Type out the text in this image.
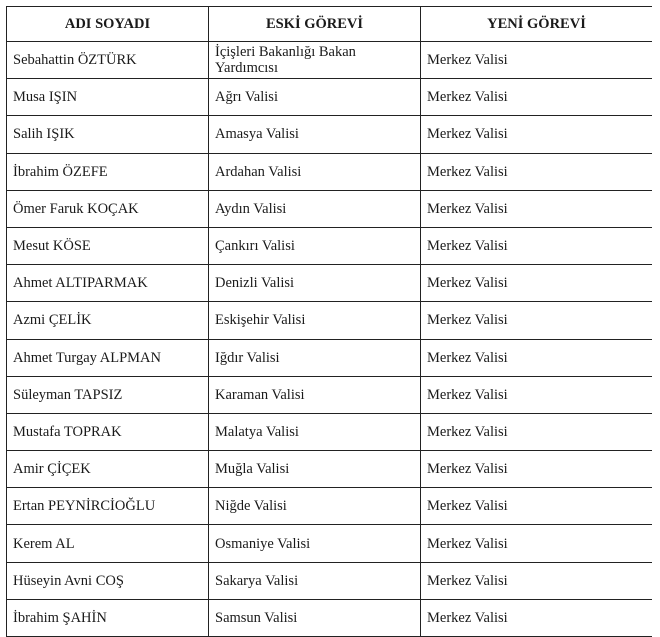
ADI SOYADI	ESKİ GÖREVİ	YENİ GÖREVİ
Sebahattin ÖZTÜRK	İçişleri Bakanlığı Bakan Yardımcısı	Merkez Valisi
Musa IŞIN	Ağrı Valisi	Merkez Valisi
Salih IŞIK	Amasya Valisi	Merkez Valisi
İbrahim ÖZEFE	Ardahan Valisi	Merkez Valisi
Ömer Faruk KOÇAK	Aydın Valisi	Merkez Valisi
Mesut KÖSE	Çankırı Valisi	Merkez Valisi
Ahmet ALTIPARMAK	Denizli Valisi	Merkez Valisi
Azmi ÇELİK	Eskişehir Valisi	Merkez Valisi
Ahmet Turgay ALPMAN	Iğdır Valisi	Merkez Valisi
Süleyman TAPSIZ	Karaman Valisi	Merkez Valisi
Mustafa TOPRAK	Malatya Valisi	Merkez Valisi
Amir ÇİÇEK	Muğla Valisi	Merkez Valisi
Ertan PEYNİRCİOĞLU	Niğde Valisi	Merkez Valisi
Kerem AL	Osmaniye Valisi	Merkez Valisi
Hüseyin Avni COŞ	Sakarya Valisi	Merkez Valisi
İbrahim ŞAHİN	Samsun Valisi	Merkez Valisi
